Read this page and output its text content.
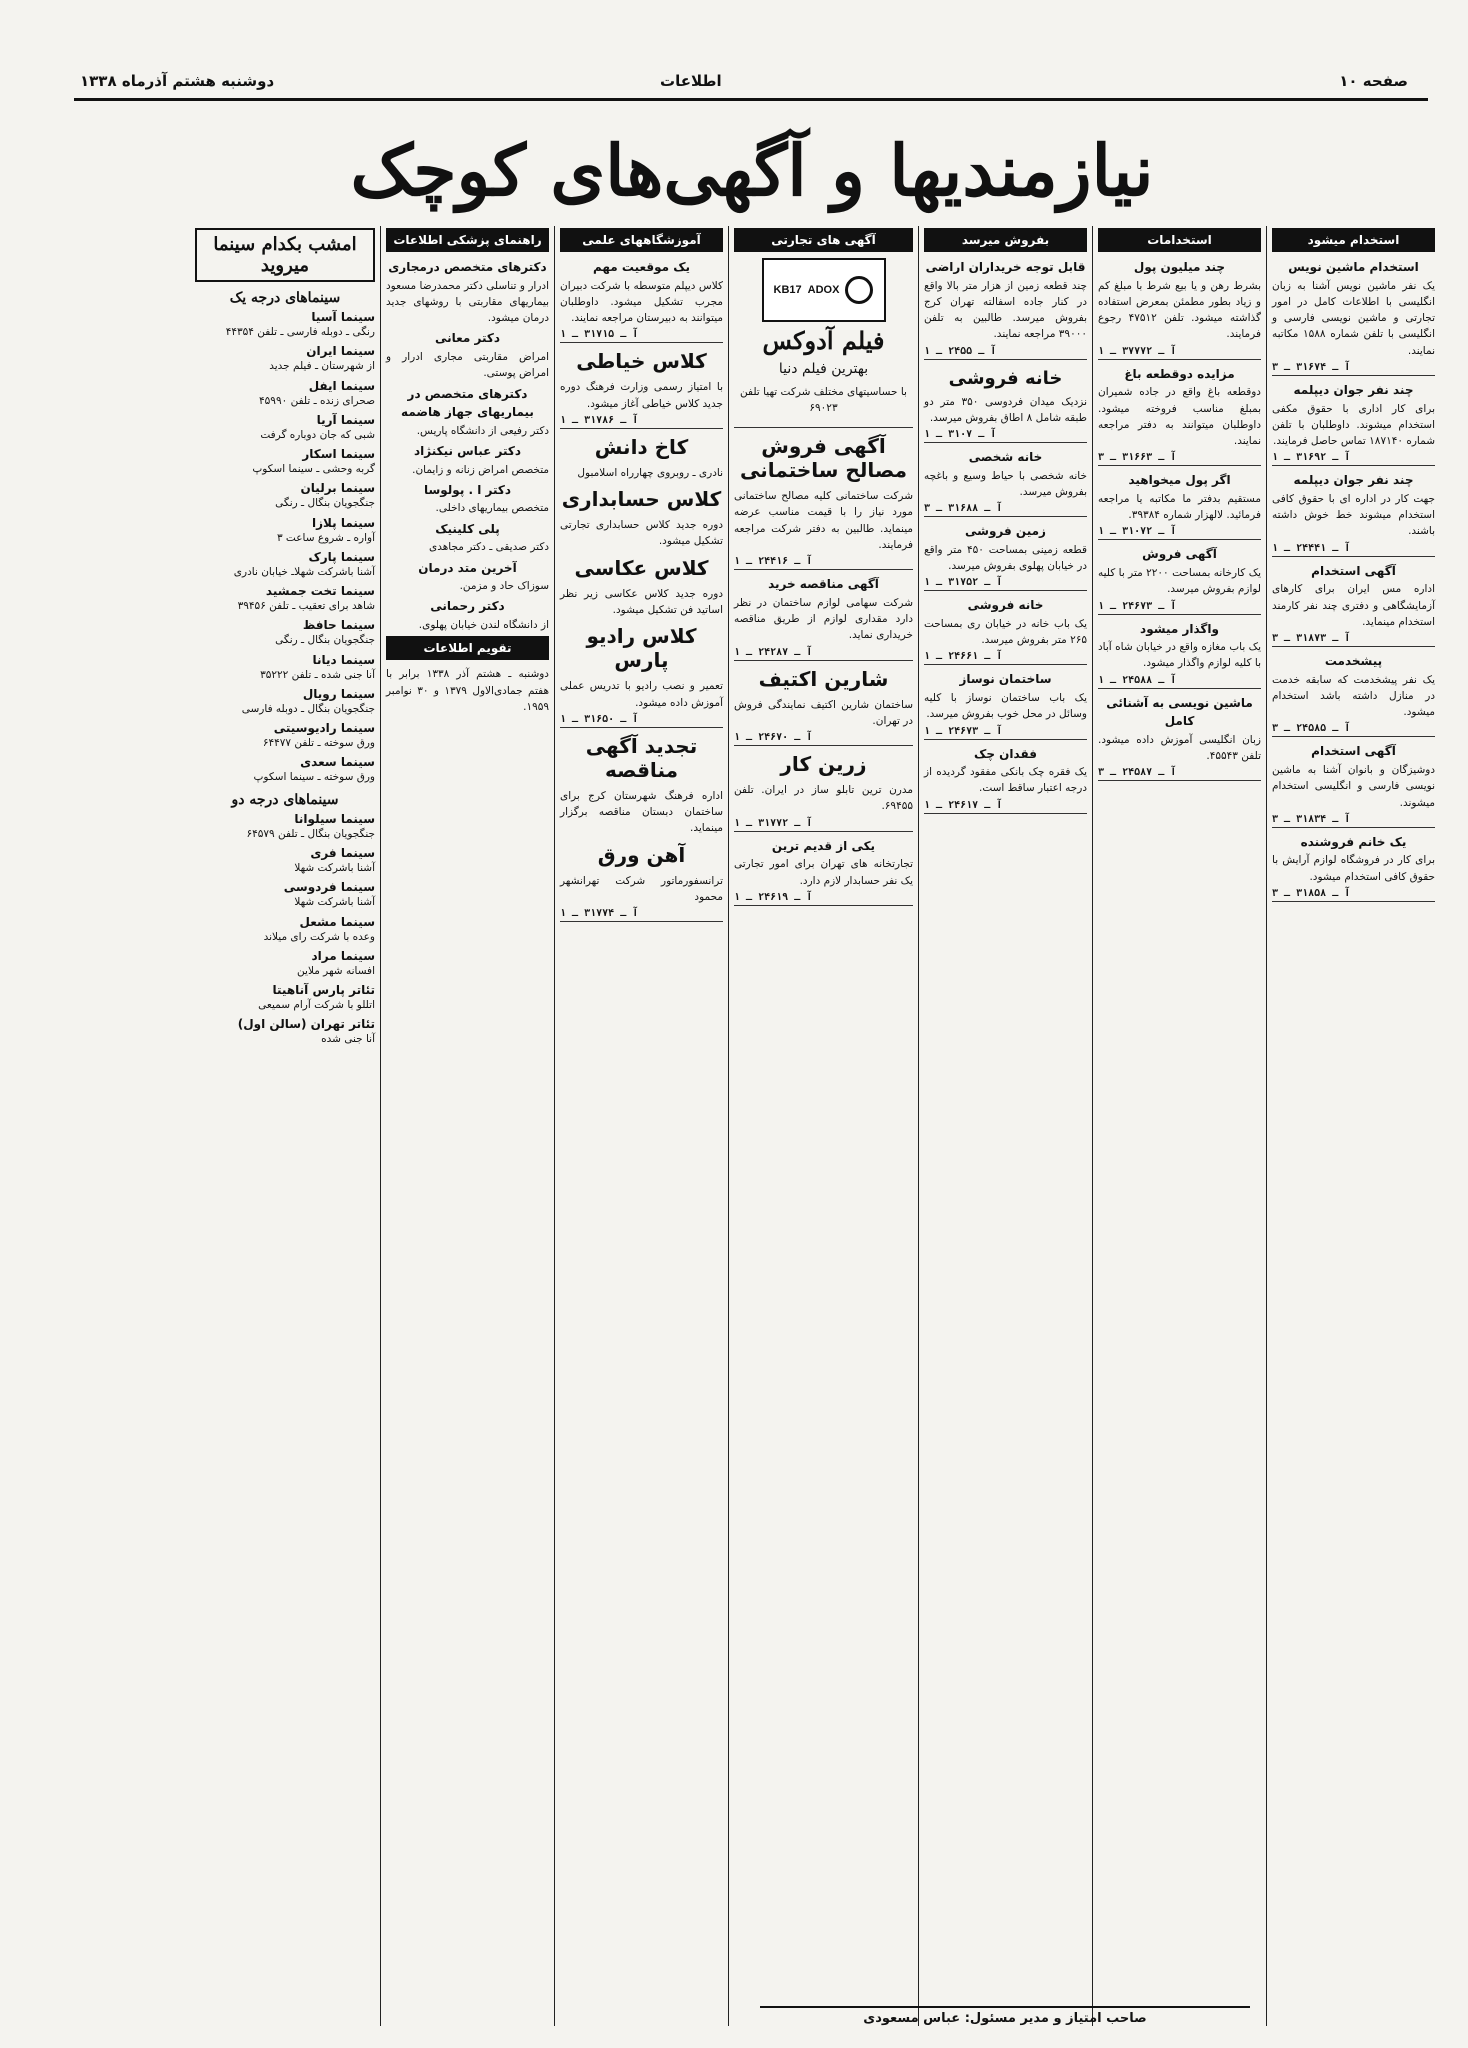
صفحه ۱۰
اطلاعات
دوشنبه هشتم آذرماه ۱۳۳۸
نیازمندیها و آگهی‌های کوچک
استخدام میشود
استخدام ماشین نویس
یک نفر ماشین نویس آشنا به زبان انگلیسی با اطلاعات کامل در امور تجارتی و ماشین نویسی فارسی و انگلیسی با تلفن شماره ۱۵۸۸ مکاتبه نمایند.
آ ـ ۳۱۶۷۴ ـ ۳
چند نفر جوان دیپلمه
برای کار اداری با حقوق مکفی استخدام میشوند. داوطلبان با تلفن شماره ۱۸۷۱۴۰ تماس حاصل فرمایند.
آ ـ ۳۱۶۹۲ ـ ۱
چند نفر جوان دیپلمه
جهت کار در اداره ای با حقوق کافی استخدام میشوند خط خوش داشته باشند.
آ ـ ۲۴۴۴۱ ـ ۱
آگهی استخدام
اداره مس ایران برای کارهای آزمایشگاهی و دفتری چند نفر کارمند استخدام مینماید.
آ ـ ۳۱۸۷۳ ـ ۳
پیشخدمت
یک نفر پیشخدمت که سابقه خدمت در منازل داشته باشد استخدام میشود.
آ ـ ۲۴۵۸۵ ـ ۳
آگهی استخدام
دوشیزگان و بانوان آشنا به ماشین نویسی فارسی و انگلیسی استخدام میشوند.
آ ـ ۳۱۸۳۴ ـ ۳
یک خانم فروشنده
برای کار در فروشگاه لوازم آرایش با حقوق کافی استخدام میشود.
آ ـ ۳۱۸۵۸ ـ ۳
استخدامات
چند میلیون پول
بشرط رهن و یا بیع شرط با مبلغ کم و زیاد بطور مطمئن بمعرض استفاده گذاشته میشود. تلفن ۴۷۵۱۲ رجوع فرمایند.
آ ـ ۳۷۷۷۲ ـ ۱
مزایده دوقطعه باغ
دوقطعه باغ واقع در جاده شمیران بمبلغ مناسب فروخته میشود. داوطلبان میتوانند به دفتر مراجعه نمایند.
آ ـ ۳۱۶۶۳ ـ ۳
اگر پول میخواهید
مستقیم بدفتر ما مکاتبه یا مراجعه فرمائید. لالهزار شماره ۳۹۳۸۴.
آ ـ ۳۱۰۷۲ ـ ۱
آگهی فروش
یک کارخانه بمساحت ۲۲۰۰ متر با کلیه لوازم بفروش میرسد.
آ ـ ۲۴۶۷۳ ـ ۱
واگذار میشود
یک باب مغازه واقع در خیابان شاه آباد با کلیه لوازم واگذار میشود.
آ ـ ۲۴۵۸۸ ـ ۱
ماشین نویسی به آشنائی کامل
زبان انگلیسی آموزش داده میشود. تلفن ۴۵۵۴۳.
آ ـ ۲۴۵۸۷ ـ ۳
بفروش میرسد
قابل توجه خریداران اراضی
چند قطعه زمین از هزار متر بالا واقع در کنار جاده اسفالته تهران کرج بفروش میرسد. طالبین به تلفن ۳۹۰۰۰ مراجعه نمایند.
آ ـ ۲۴۵۵ ـ ۱
خانه فروشی
نزدیک میدان فردوسی ۳۵۰ متر دو طبقه شامل ۸ اطاق بفروش میرسد.
آ ـ ۳۱۰۷ ـ ۱
خانه شخصی
خانه شخصی با حیاط وسیع و باغچه بفروش میرسد.
آ ـ ۳۱۶۸۸ ـ ۳
زمین فروشی
قطعه زمینی بمساحت ۴۵۰ متر واقع در خیابان پهلوی بفروش میرسد.
آ ـ ۳۱۷۵۲ ـ ۱
خانه فروشی
یک باب خانه در خیابان ری بمساحت ۲۶۵ متر بفروش میرسد.
آ ـ ۲۴۶۶۱ ـ ۱
ساختمان نوساز
یک باب ساختمان نوساز با کلیه وسائل در محل خوب بفروش میرسد.
آ ـ ۲۴۶۷۳ ـ ۱
فقدان چک
یک فقره چک بانکی مفقود گردیده از درجه اعتبار ساقط است.
آ ـ ۲۴۶۱۷ ـ ۱
آگهی های تجارتی
ADOX
KB17
فیلم آدوکس
بهترین فیلم دنیا
با حساسیتهای مختلف شرکت تهیا تلفن ۶۹۰۲۳
آگهی فروش مصالح ساختمانی
شرکت ساختمانی کلیه مصالح ساختمانی مورد نیاز را با قیمت مناسب عرضه مینماید. طالبین به دفتر شرکت مراجعه فرمایند.
آ ـ ۲۴۴۱۶ ـ ۱
آگهی مناقصه خرید
شرکت سهامی لوازم ساختمان در نظر دارد مقداری لوازم از طریق مناقصه خریداری نماید.
آ ـ ۲۴۲۸۷ ـ ۱
شارین اکتیف
ساختمان شارین اکتیف نمایندگی فروش در تهران.
آ ـ ۲۴۶۷۰ ـ ۱
زرین کار
مدرن ترین تابلو ساز در ایران. تلفن ۶۹۴۵۵.
آ ـ ۳۱۷۷۲ ـ ۱
یکی از قدیم ترین
تجارتخانه های تهران برای امور تجارتی یک نفر حسابدار لازم دارد.
آ ـ ۲۴۶۱۹ ـ ۱
آموزشگاههای علمی
یک موقعیت مهم
کلاس دیپلم متوسطه با شرکت دبیران مجرب تشکیل میشود. داوطلبان میتوانند به دبیرستان مراجعه نمایند.
آ ـ ۳۱۷۱۵ ـ ۱
کلاس خیاطی
با امتیاز رسمی وزارت فرهنگ دوره جدید کلاس خیاطی آغاز میشود.
آ ـ ۳۱۷۸۶ ـ ۱
کاخ دانش
نادری ـ روبروی چهارراه اسلامبول
کلاس حسابداری
دوره جدید کلاس حسابداری تجارتی تشکیل میشود.
کلاس عکاسی
دوره جدید کلاس عکاسی زیر نظر اساتید فن تشکیل میشود.
کلاس رادیو پارس
تعمیر و نصب رادیو با تدریس عملی آموزش داده میشود.
آ ـ ۳۱۶۵۰ ـ ۱
تجدید آگهی مناقصه
اداره فرهنگ شهرستان کرج برای ساختمان دبستان مناقصه برگزار مینماید.
آهن ورق
ترانسفورماتور شرکت تهرانشهر محمود
آ ـ ۳۱۷۷۴ ـ ۱
راهنمای پزشکی اطلاعات
دکترهای متخصص درمجاری
ادرار و تناسلی دکتر محمدرضا مسعود بیماریهای مقاربتی با روشهای جدید درمان میشود.
دکتر معانی
امراض مقاربتی مجاری ادرار و امراض پوستی.
دکترهای متخصص در بیماریهای جهاز هاضمه
دکتر رفیعی از دانشگاه پاریس.
دکتر عباس نیکنژاد
متخصص امراض زنانه و زایمان.
دکتر ا . پولوسا
متخصص بیماریهای داخلی.
پلی کلینیک
دکتر صدیقی ـ دکتر مجاهدی
آخرین متد درمان
سوزاک حاد و مزمن.
دکتر رحمانی
از دانشگاه لندن خیابان پهلوی.
تقویم اطلاعات
دوشنبه ـ هشتم آذر ۱۳۳۸ برابر با هفتم جمادی‌الاول ۱۳۷۹ و ۳۰ نوامبر ۱۹۵۹.
امشب بکدام سینما میروید
سینماهای درجه یک
سینما آسیا
رنگی ـ دوبله فارسی ـ تلفن ۴۴۳۵۴
سینما ایران
از شهرستان ـ فیلم جدید
سینما ایفل
صحرای زنده ـ تلفن ۴۵۹۹۰
سینما آریا
شبی که جان دوباره گرفت
سینما اسکار
گربه وحشی ـ سینما اسکوپ
سینما برلیان
جنگجویان بنگال ـ رنگی
سینما پلازا
آواره ـ شروع ساعت ۳
سینما پارک
آشنا باشرکت شهلاـ خیابان نادری
سینما تخت جمشید
شاهد برای تعقیب ـ تلفن ۳۹۴۵۶
سینما حافظ
جنگجویان بنگال ـ رنگی
سینما دیانا
آنا جنی شده ـ تلفن ۳۵۲۲۲
سینما رویال
جنگجویان بنگال ـ دوبله فارسی
سینما رادیوسیتی
ورق سوخته ـ تلفن ۶۴۴۷۷
سینما سعدی
ورق سوخته ـ سینما اسکوپ
سینماهای درجه دو
سینما سیلوانا
جنگجویان بنگال ـ تلفن ۶۴۵۷۹
سینما فری
آشنا باشرکت شهلا
سینما فردوسی
آشنا باشرکت شهلا
سینما مشعل
وعده با شرکت رای میلاند
سینما مراد
افسانه شهر ملاین
تئاتر پارس آناهیتا
اتللو با شرکت آرام سمیعی
تئاتر تهران (سالن اول)
آنا جنی شده
صاحب امتیاز و مدیر مسئول: عباس مسعودی
